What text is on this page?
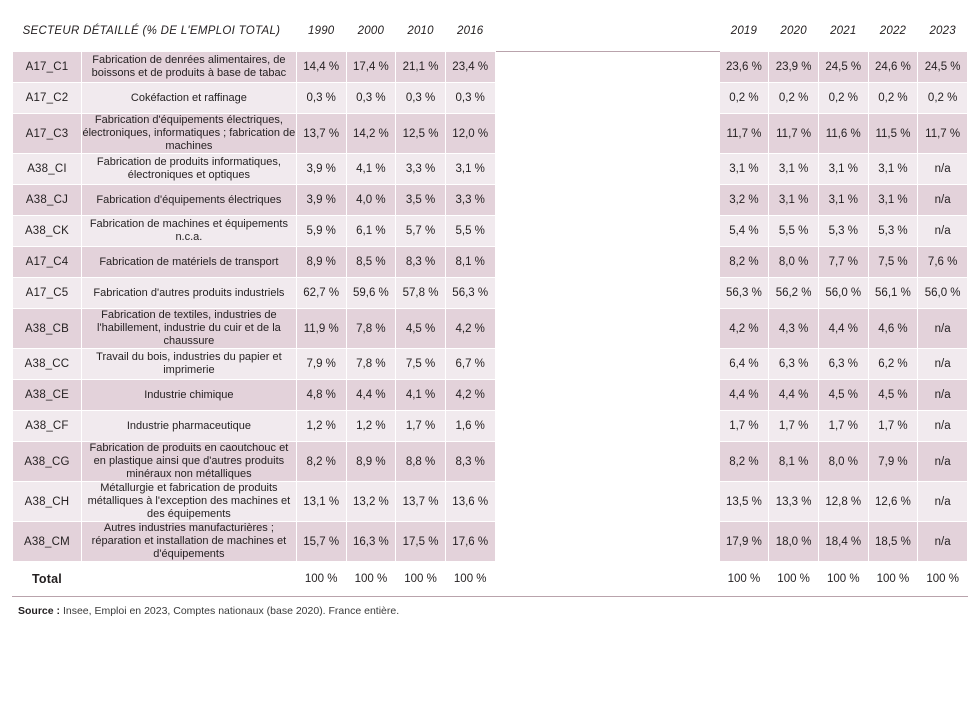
SECTEUR DÉTAILLÉ (% DE L'EMPLOI TOTAL)		1990	2000	2010	2016		2019	2020	2021	2022	2023
A17_C1	Fabrication de denrées alimentaires, de boissons et de produits à base de tabac	14,4 %	17,4 %	21,1 %	23,4 %		23,6 %	23,9 %	24,5 %	24,6 %	24,5 %
A17_C2	Cokéfaction et raffinage	0,3 %	0,3 %	0,3 %	0,3 %		0,2 %	0,2 %	0,2 %	0,2 %	0,2 %
A17_C3	Fabrication d'équipements électriques, électroniques, informatiques ; fabrication de machines	13,7 %	14,2 %	12,5 %	12,0 %		11,7 %	11,7 %	11,6 %	11,5 %	11,7 %
A38_CI	Fabrication de produits informatiques, électroniques et optiques	3,9 %	4,1 %	3,3 %	3,1 %		3,1 %	3,1 %	3,1 %	3,1 %	n/a
A38_CJ	Fabrication d'équipements électriques	3,9 %	4,0 %	3,5 %	3,3 %		3,2 %	3,1 %	3,1 %	3,1 %	n/a
A38_CK	Fabrication de machines et équipements n.c.a.	5,9 %	6,1 %	5,7 %	5,5 %		5,4 %	5,5 %	5,3 %	5,3 %	n/a
A17_C4	Fabrication de matériels de transport	8,9 %	8,5 %	8,3 %	8,1 %		8,2 %	8,0 %	7,7 %	7,5 %	7,6 %
A17_C5	Fabrication d'autres produits industriels	62,7 %	59,6 %	57,8 %	56,3 %		56,3 %	56,2 %	56,0 %	56,1 %	56,0 %
A38_CB	Fabrication de textiles, industries de l'habillement, industrie du cuir et de la chaussure	11,9 %	7,8 %	4,5 %	4,2 %		4,2 %	4,3 %	4,4 %	4,6 %	n/a
A38_CC	Travail du bois, industries du papier et imprimerie	7,9 %	7,8 %	7,5 %	6,7 %		6,4 %	6,3 %	6,3 %	6,2 %	n/a
A38_CE	Industrie chimique	4,8 %	4,4 %	4,1 %	4,2 %		4,4 %	4,4 %	4,5 %	4,5 %	n/a
A38_CF	Industrie pharmaceutique	1,2 %	1,2 %	1,7 %	1,6 %		1,7 %	1,7 %	1,7 %	1,7 %	n/a
A38_CG	Fabrication de produits en caoutchouc et en plastique ainsi que d'autres produits minéraux non métalliques	8,2 %	8,9 %	8,8 %	8,3 %		8,2 %	8,1 %	8,0 %	7,9 %	n/a
A38_CH	Métallurgie et fabrication de produits métalliques à l'exception des machines et des équipements	13,1 %	13,2 %	13,7 %	13,6 %		13,5 %	13,3 %	12,8 %	12,6 %	n/a
A38_CM	Autres industries manufacturières ; réparation et installation de machines et d'équipements	15,7 %	16,3 %	17,5 %	17,6 %		17,9 %	18,0 %	18,4 %	18,5 %	n/a
Total		100 %	100 %	100 %	100 %		100 %	100 %	100 %	100 %	100 %
Source : Insee, Emploi en 2023, Comptes nationaux (base 2020). France entière.
